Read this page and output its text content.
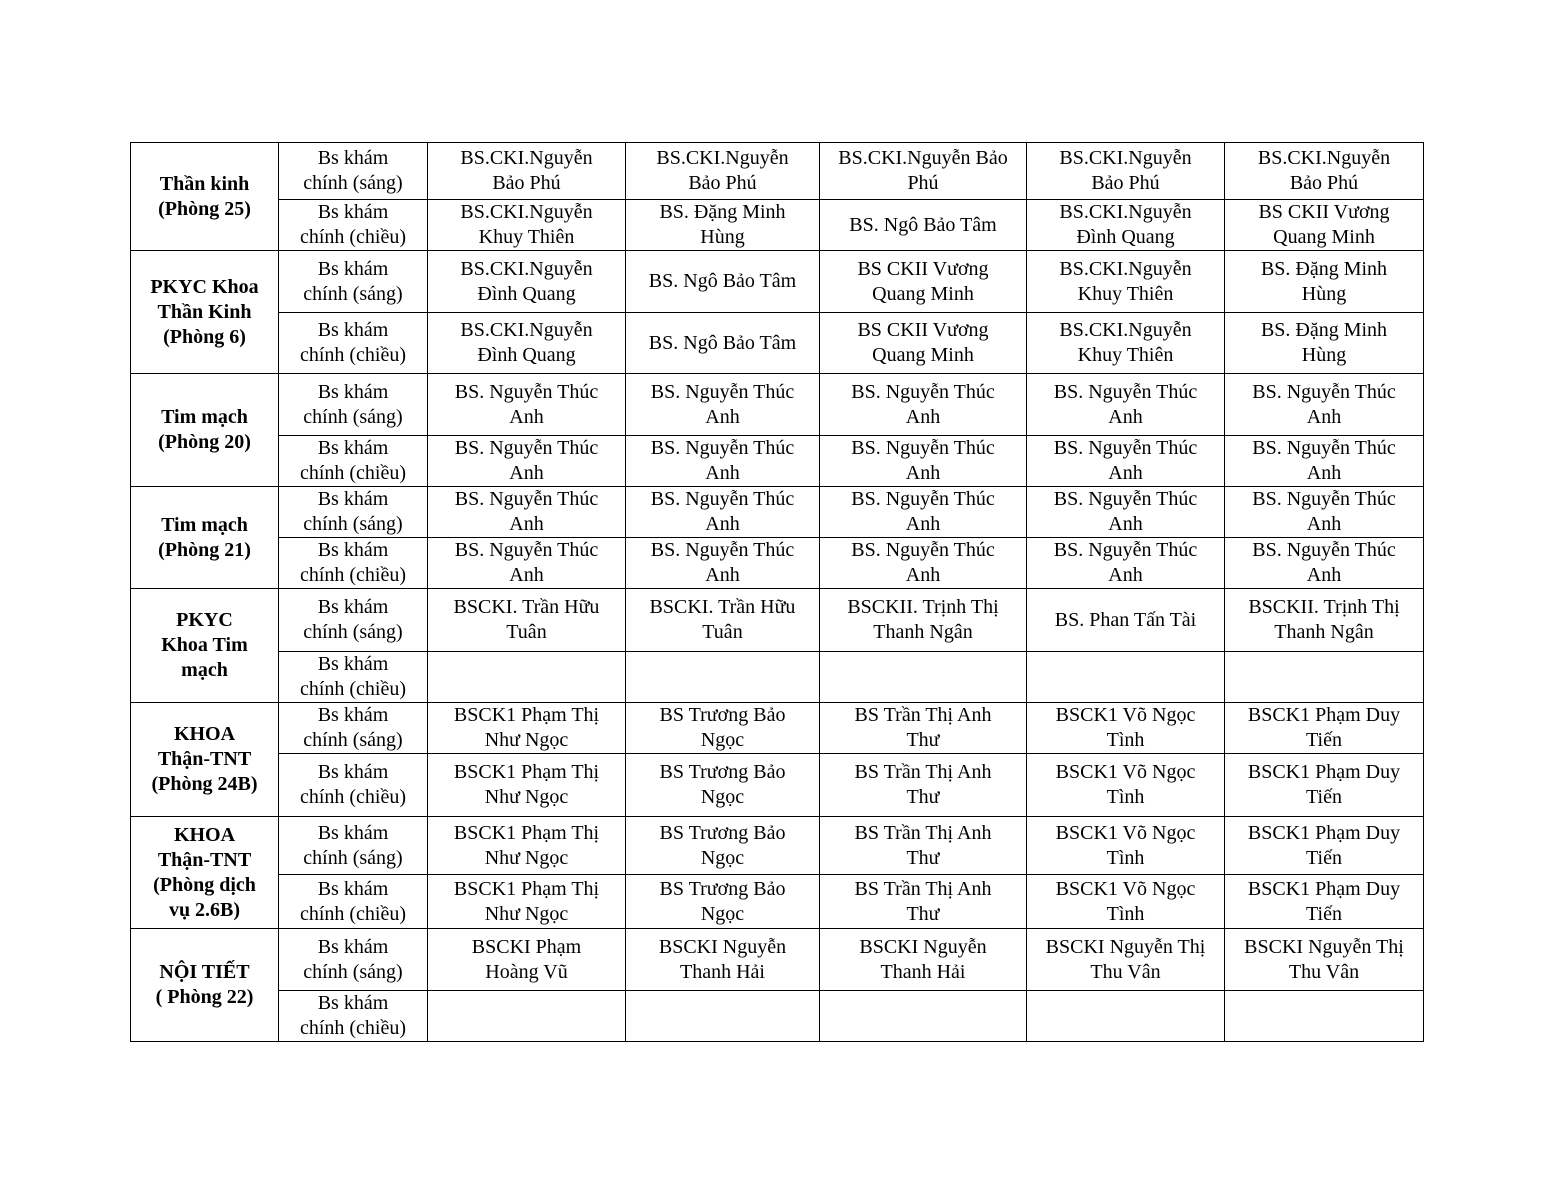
Thần kinh
(Phòng 25)	Bs khám
chính (sáng)	BS.CKI.Nguyễn
Bảo Phú	BS.CKI.Nguyễn
Bảo Phú	BS.CKI.Nguyễn Bảo
Phú	BS.CKI.Nguyễn
Bảo Phú	BS.CKI.Nguyễn
Bảo Phú

	Bs khám
chính (chiều)	BS.CKI.Nguyễn
Khuy Thiên	BS. Đặng Minh
Hùng	BS. Ngô Bảo Tâm	BS.CKI.Nguyễn
Đình Quang	BS CKII Vương
Quang Minh

PKYC Khoa
Thần Kinh
(Phòng 6)	Bs khám
chính (sáng)	BS.CKI.Nguyễn
Đình Quang	BS. Ngô Bảo Tâm	BS CKII Vương
Quang Minh	BS.CKI.Nguyễn
Khuy Thiên	BS. Đặng Minh
Hùng

	Bs khám
chính (chiều)	BS.CKI.Nguyễn
Đình Quang	BS. Ngô Bảo Tâm	BS CKII Vương
Quang Minh	BS.CKI.Nguyễn
Khuy Thiên	BS. Đặng Minh
Hùng

Tim mạch
(Phòng 20)	Bs khám
chính (sáng)	BS. Nguyễn Thúc
Anh	BS. Nguyễn Thúc
Anh	BS. Nguyễn Thúc
Anh	BS. Nguyễn Thúc
Anh	BS. Nguyễn Thúc
Anh

	Bs khám
chính (chiều)	BS. Nguyễn Thúc
Anh	BS. Nguyễn Thúc
Anh	BS. Nguyễn Thúc
Anh	BS. Nguyễn Thúc
Anh	BS. Nguyễn Thúc
Anh

Tim mạch
(Phòng 21)	Bs khám
chính (sáng)	BS. Nguyễn Thúc
Anh	BS. Nguyễn Thúc
Anh	BS. Nguyễn Thúc
Anh	BS. Nguyễn Thúc
Anh	BS. Nguyễn Thúc
Anh

	Bs khám
chính (chiều)	BS. Nguyễn Thúc
Anh	BS. Nguyễn Thúc
Anh	BS. Nguyễn Thúc
Anh	BS. Nguyễn Thúc
Anh	BS. Nguyễn Thúc
Anh

PKYC
Khoa Tim
mạch	Bs khám
chính (sáng)	BSCKI. Trần Hữu
Tuân	BSCKI. Trần Hữu
Tuân	BSCKII. Trịnh Thị
Thanh Ngân	BS. Phan Tấn Tài	BSCKII. Trịnh Thị
Thanh Ngân

	Bs khám
chính (chiều)					

KHOA
Thận-TNT
(Phòng 24B)	Bs khám
chính (sáng)	BSCK1 Phạm Thị
Như Ngọc	BS Trương Bảo
Ngọc	BS Trần Thị Anh
Thư	BSCK1 Võ Ngọc
Tình	BSCK1 Phạm Duy
Tiến

	Bs khám
chính (chiều)	BSCK1 Phạm Thị
Như Ngọc	BS Trương Bảo
Ngọc	BS Trần Thị Anh
Thư	BSCK1 Võ Ngọc
Tình	BSCK1 Phạm Duy
Tiến

KHOA
Thận-TNT
(Phòng dịch
vụ 2.6B)	Bs khám
chính (sáng)	BSCK1 Phạm Thị
Như Ngọc	BS Trương Bảo
Ngọc	BS Trần Thị Anh
Thư	BSCK1 Võ Ngọc
Tình	BSCK1 Phạm Duy
Tiến

	Bs khám
chính (chiều)	BSCK1 Phạm Thị
Như Ngọc	BS Trương Bảo
Ngọc	BS Trần Thị Anh
Thư	BSCK1 Võ Ngọc
Tình	BSCK1 Phạm Duy
Tiến

NỘI TIẾT
( Phòng 22)	Bs khám
chính (sáng)	BSCKI Phạm
Hoàng Vũ	BSCKI Nguyễn
Thanh Hải	BSCKI Nguyễn
Thanh Hải	BSCKI Nguyễn Thị
Thu Vân	BSCKI Nguyễn Thị
Thu Vân

	Bs khám
chính (chiều)					
